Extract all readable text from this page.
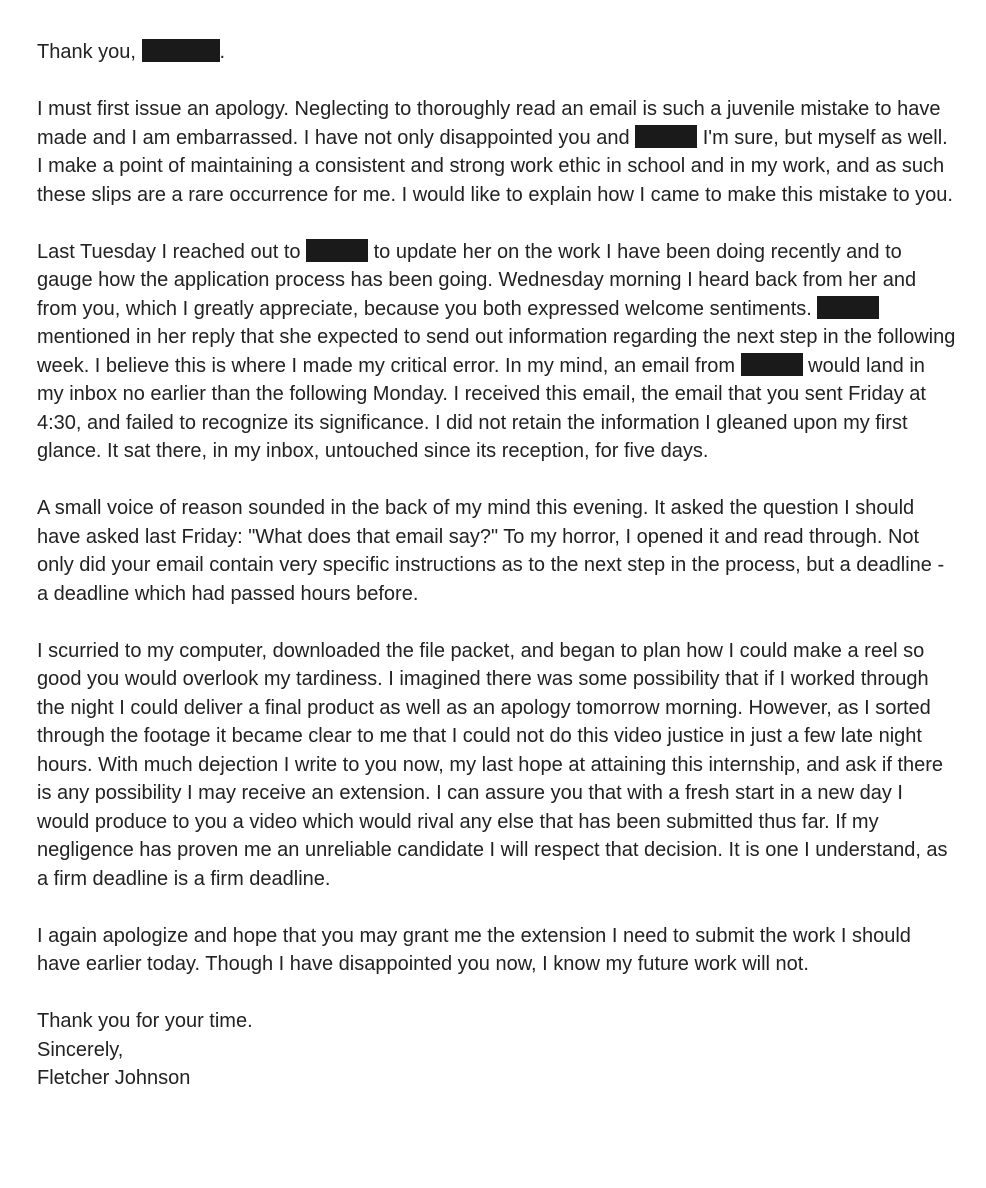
Thank you,	.

I must first issue an apology. Neglecting to thoroughly read an email is such a juvenile mistake to have made and I am embarrassed. I have not only disappointed you and	I'm sure, but myself as well. I make a point of maintaining a consistent and strong work ethic in school and in my work, and as such these slips are a rare occurrence for me. I would like to explain how I came to make this mistake to you.

Last Tuesday I reached out to	to update her on the work I have been doing recently and to gauge how the application process has been going. Wednesday morning I heard back from her and from you, which I greatly appreciate, because you both expressed welcome sentiments.  mentioned in her reply that she expected to send out information regarding the next step in the following week. I believe this is where I made my critical error. In my mind, an email from	would land in my inbox no earlier than the following Monday. I received this email, the email that you sent Friday at 4:30, and failed to recognize its significance. I did not retain the information I gleaned upon my first glance. It sat there, in my inbox, untouched since its reception, for five days.

A small voice of reason sounded in the back of my mind this evening. It asked the question I should have asked last Friday: "What does that email say?" To my horror, I opened it and read through. Not only did your email contain very specific instructions as to the next step in the process, but a deadline - a deadline which had passed hours before.

I scurried to my computer, downloaded the file packet, and began to plan how I could make a reel so good you would overlook my tardiness. I imagined there was some possibility that if I worked through the night I could deliver a final product as well as an apology tomorrow morning. However, as I sorted through the footage it became clear to me that I could not do this video justice in just a few late night hours. With much dejection I write to you now, my last hope at attaining this internship, and ask if there is any possibility I may receive an extension. I can assure you that with a fresh start in a new day I would produce to you a video which would rival any else that has been submitted thus far. If my negligence has proven me an unreliable candidate I will respect that decision. It is one I understand, as a firm deadline is a firm deadline.

I again apologize and hope that you may grant me the extension I need to submit the work I should have earlier today. Though I have disappointed you now, I know my future work will not.

Thank you for your time.
Sincerely,
Fletcher Johnson
